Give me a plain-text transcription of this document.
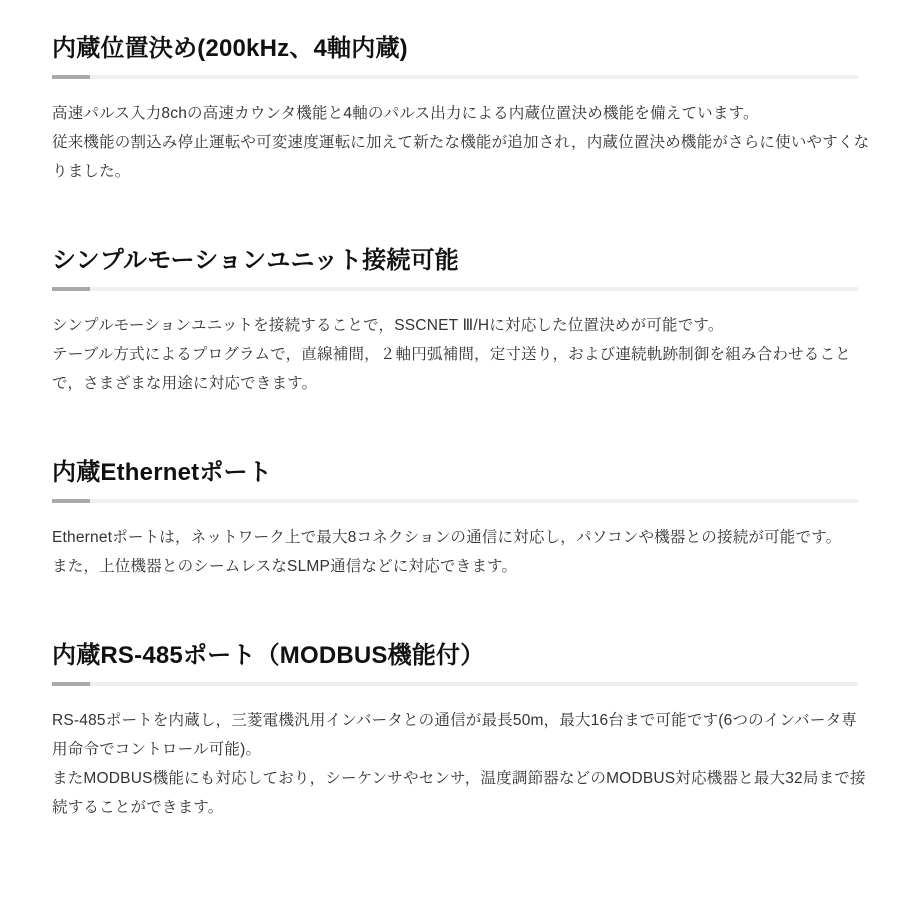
内蔵位置決め(200kHz、4軸内蔵)

高速パルス入力8chの高速カウンタ機能と4軸のパルス出力による内蔵位置決め機能を備えています。

従来機能の割込み停止運転や可変速度運転に加えて新たな機能が追加され，内蔵位置決め機能がさらに使いやすくなりました。

シンプルモーションユニット接続可能

シンプルモーションユニットを接続することで，SSCNET Ⅲ/Hに対応した位置決めが可能です。

テーブル方式によるプログラムで，直線補間，２軸円弧補間，定寸送り，および連続軌跡制御を組み合わせることで，さまざまな用途に対応できます。

内蔵Ethernetポート

Ethernetポートは，ネットワーク上で最大8コネクションの通信に対応し，パソコンや機器との接続が可能です。

また，上位機器とのシームレスなSLMP通信などに対応できます。

内蔵RS-485ポート（MODBUS機能付）

RS-485ポートを内蔵し，三菱電機汎用インバータとの通信が最長50m，最大16台まで可能です(6つのインバータ専用命令でコントロール可能)。

またMODBUS機能にも対応しており，シーケンサやセンサ，温度調節器などのMODBUS対応機器と最大32局まで接続することができます。
